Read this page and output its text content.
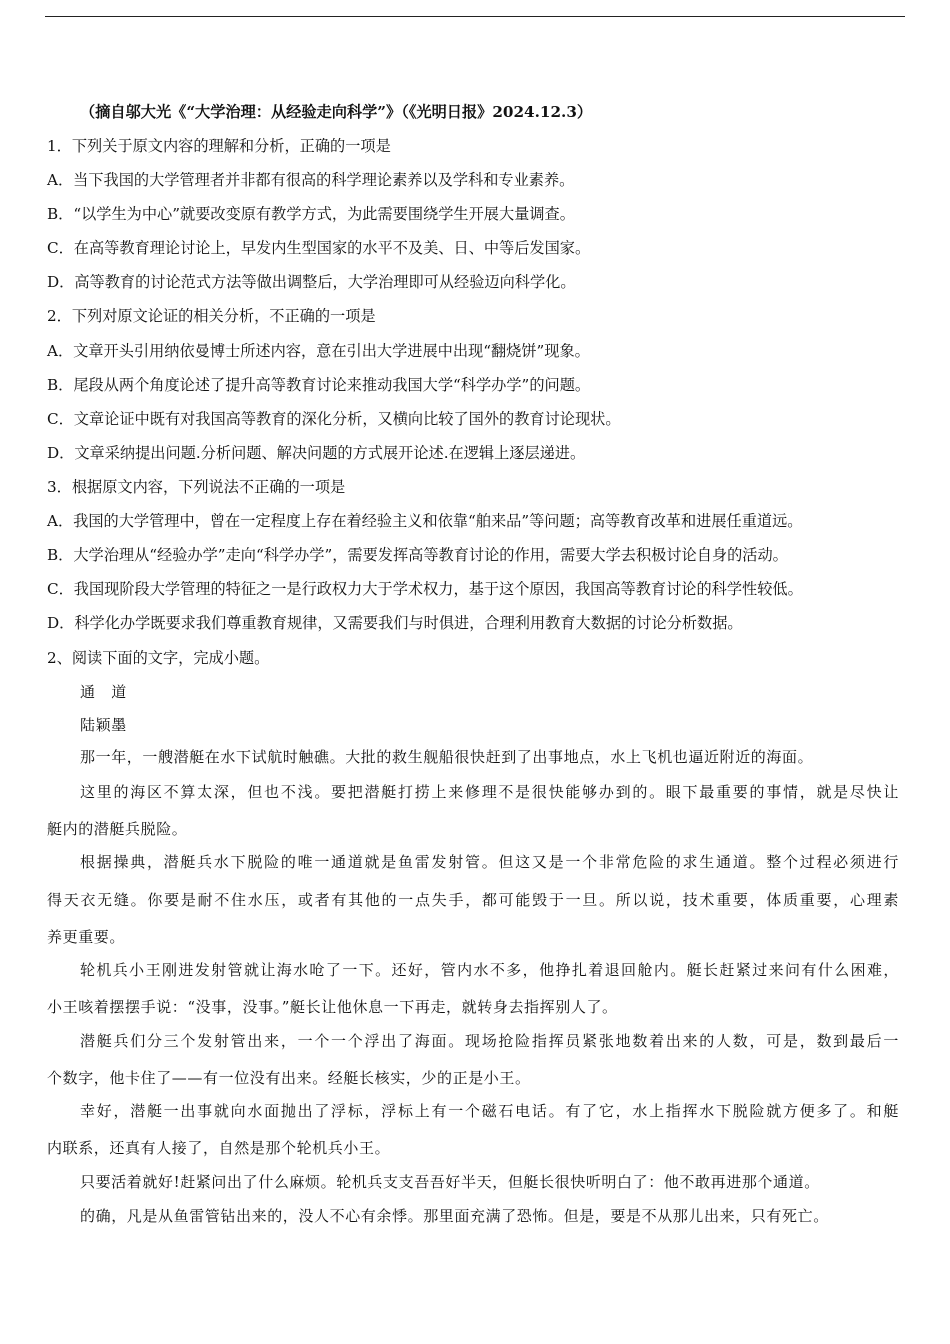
（摘自邬大光《“大学治理：从经验走向科学”》（《光明日报》2024.12.3）
1．下列关于原文内容的理解和分析，正确的一项是
A．当下我国的大学管理者并非都有很高的科学理论素养以及学科和专业素养。
B．“以学生为中心”就要改变原有教学方式，为此需要围绕学生开展大量调查。
C．在高等教育理论讨论上，早发内生型国家的水平不及美、日、中等后发国家。
D．高等教育的讨论范式方法等做出调整后，大学治理即可从经验迈向科学化。
2．下列对原文论证的相关分析，不正确的一项是
A．文章开头引用纳依曼博士所述内容，意在引出大学进展中出现“翻烧饼”现象。
B．尾段从两个角度论述了提升高等教育讨论来推动我国大学“科学办学”的问题。
C．文章论证中既有对我国高等教育的深化分析，又横向比较了国外的教育讨论现状。
D．文章采纳提出问题.分析问题、解决问题的方式展开论述.在逻辑上逐层递进。
3．根据原文内容，下列说法不正确的一项是
A．我国的大学管理中，曾在一定程度上存在着经验主义和依靠“舶来品”等问题；高等教育改革和进展任重道远。
B．大学治理从“经验办学”走向“科学办学”，需要发挥高等教育讨论的作用，需要大学去积极讨论自身的活动。
C．我国现阶段大学管理的特征之一是行政权力大于学术权力，基于这个原因，我国高等教育讨论的科学性较低。
D．科学化办学既要求我们尊重教育规律，又需要我们与时俱进，合理利用教育大数据的讨论分析数据。
2、阅读下面的文字，完成小题。
通　道
陆颖墨
那一年，一艘潜艇在水下试航时触礁。大批的救生舰船很快赶到了出事地点，水上飞机也逼近附近的海面。
这里的海区不算太深，但也不浅。要把潜艇打捞上来修理不是很快能够办到的。眼下最重要的事情，就是尽快让
艇内的潜艇兵脱险。
根据操典，潜艇兵水下脱险的唯一通道就是鱼雷发射管。但这又是一个非常危险的求生通道。整个过程必须进行
得天衣无缝。你要是耐不住水压，或者有其他的一点失手，都可能毁于一旦。所以说，技术重要，体质重要，心理素
养更重要。
轮机兵小王刚进发射管就让海水呛了一下。还好，管内水不多，他挣扎着退回舱内。艇长赶紧过来问有什么困难，
小王咳着摆摆手说：“没事，没事。”艇长让他休息一下再走，就转身去指挥别人了。
潜艇兵们分三个发射管出来，一个一个浮出了海面。现场抢险指挥员紧张地数着出来的人数，可是，数到最后一
个数字，他卡住了——有一位没有出来。经艇长核实，少的正是小王。
幸好，潜艇一出事就向水面抛出了浮标，浮标上有一个磁石电话。有了它，水上指挥水下脱险就方便多了。和艇
内联系，还真有人接了，自然是那个轮机兵小王。
只要活着就好!赶紧问出了什么麻烦。轮机兵支支吾吾好半天，但艇长很快听明白了：他不敢再进那个通道。
的确，凡是从鱼雷管钻出来的，没人不心有余悸。那里面充满了恐怖。但是，要是不从那儿出来，只有死亡。
